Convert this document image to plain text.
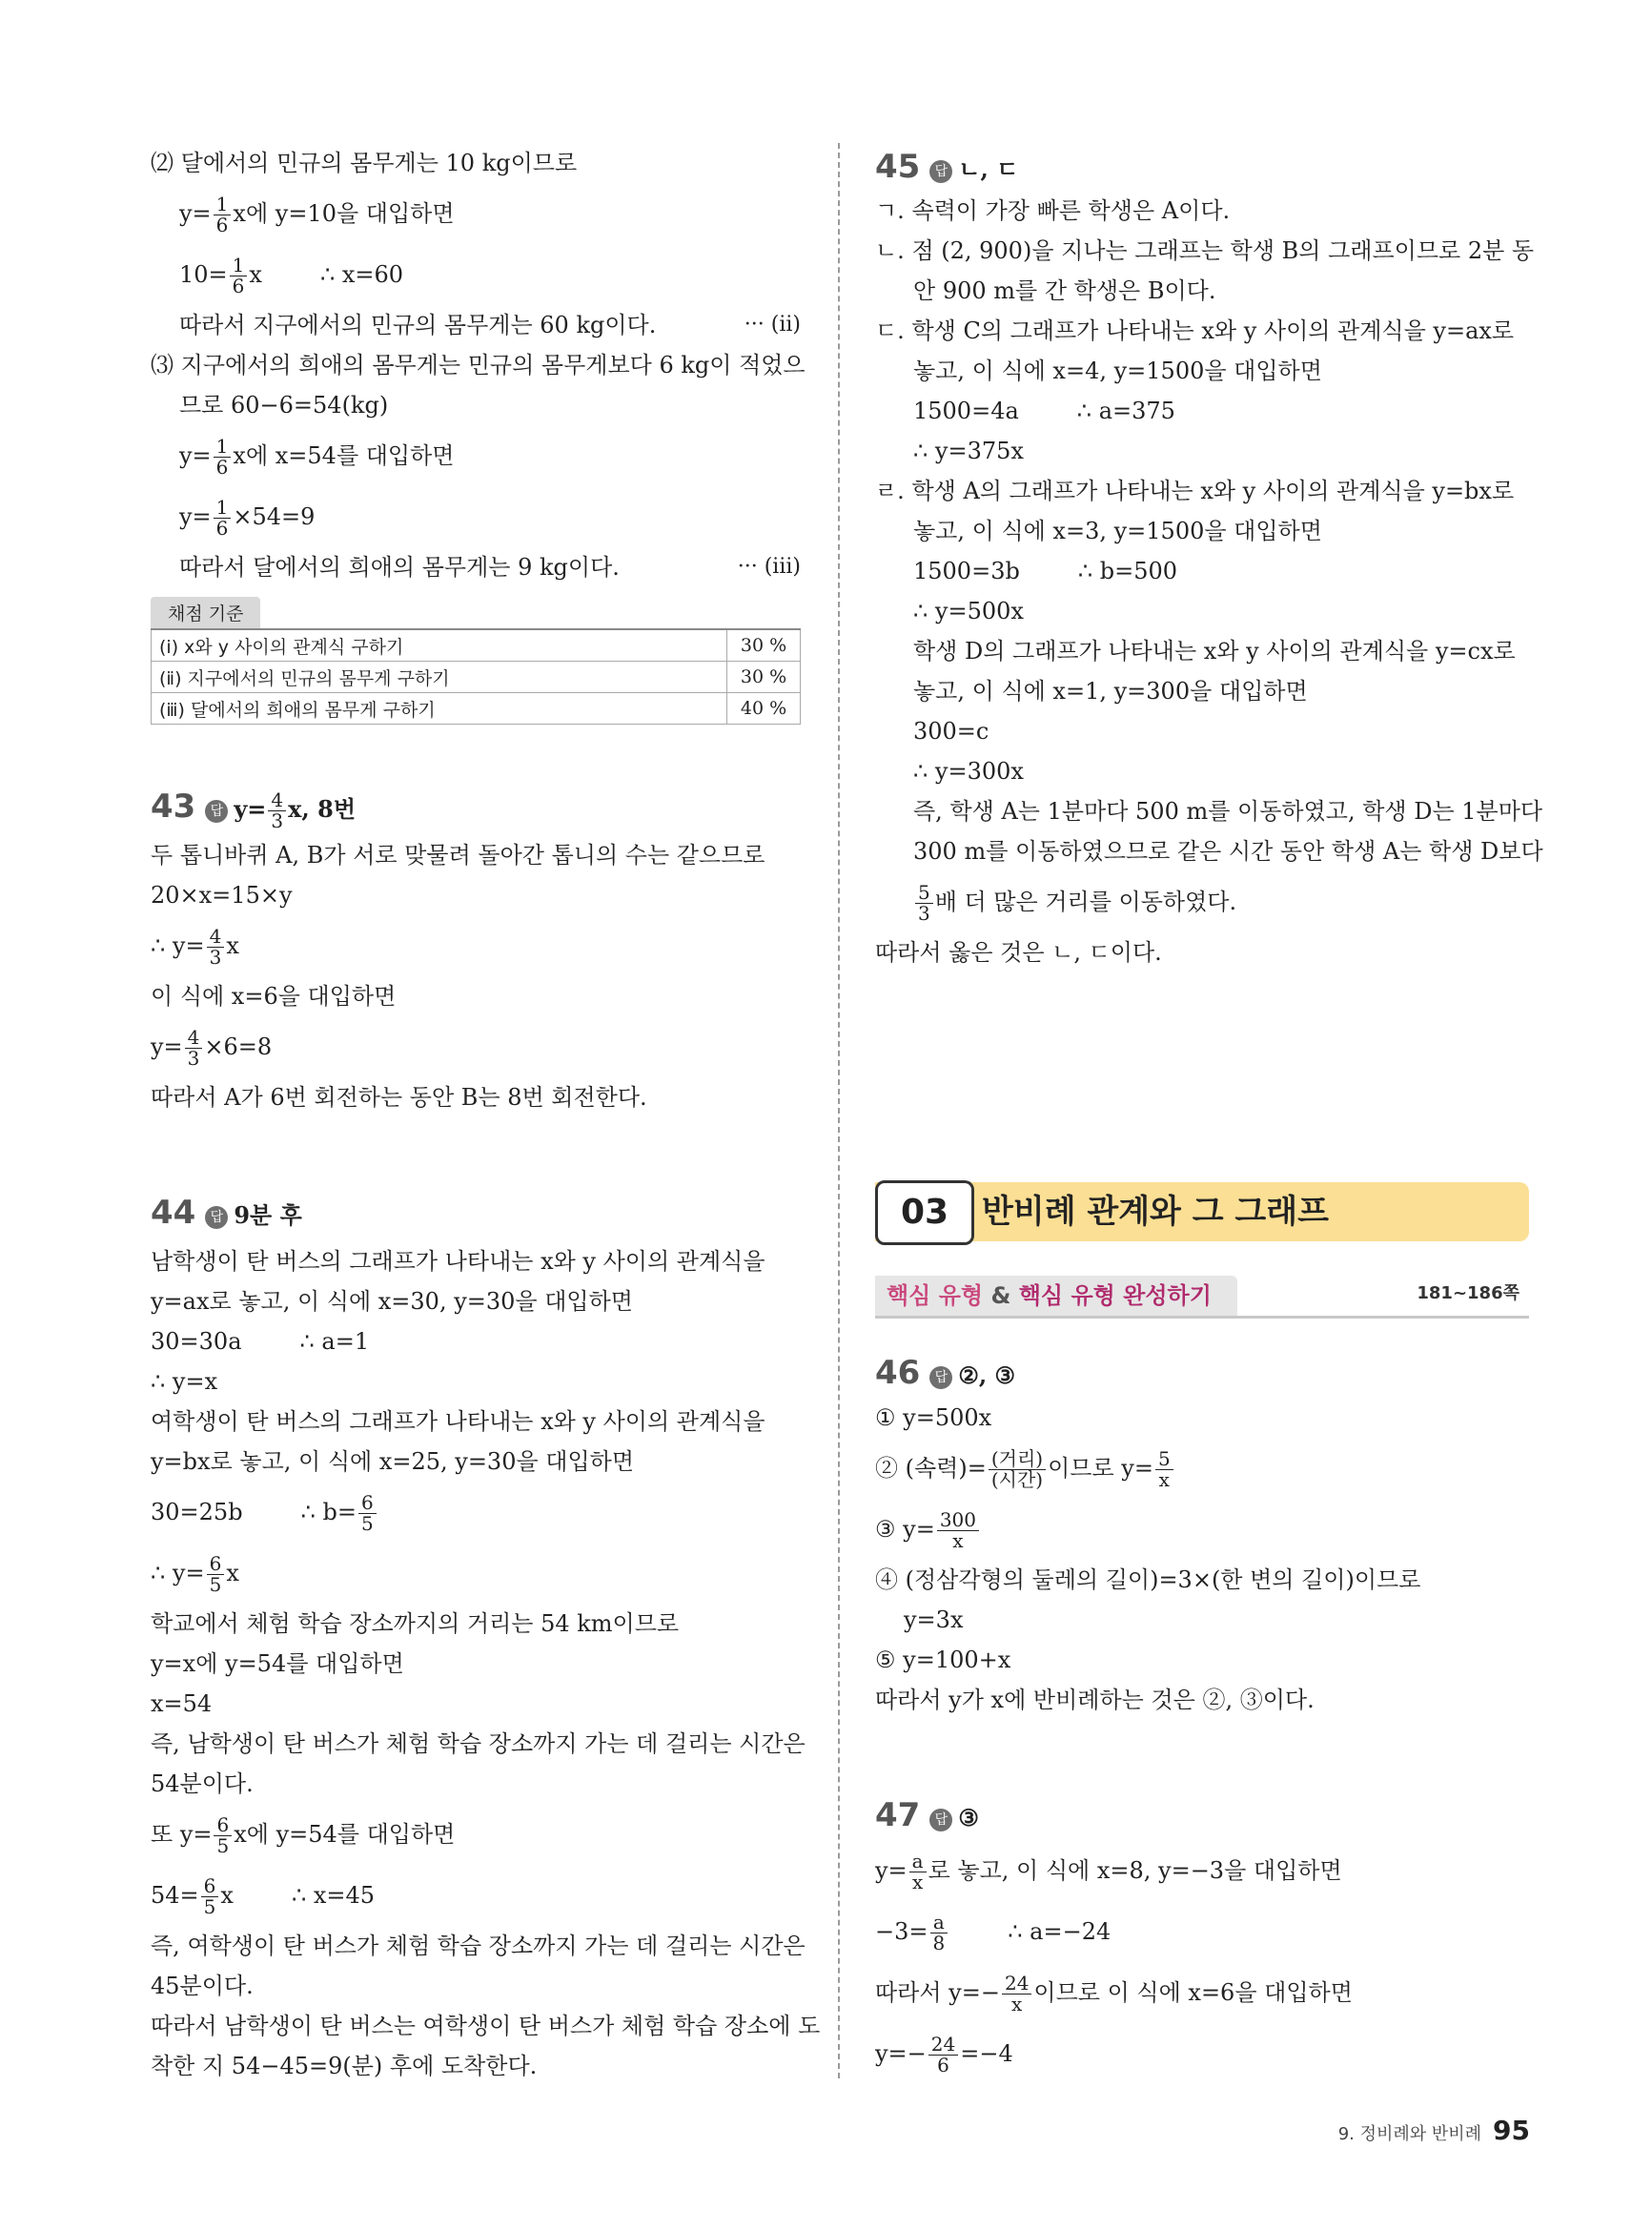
⑵ 달에서의 민규의 몸무게는 10 kg이므로
$y= \frac{1}{6}$ x에 y=10을 대입하면
$10= \frac{1}{6}$ x        ∴ x=60
따라서 지구에서의 민규의 몸무게는 60 kg이다.	··· (ii)
⑶ 지구에서의 희애의 몸무게는 민규의 몸무게보다 6 kg이 적었으
므로 60−6=54(kg)
$y= \frac{1}{6}$ x에 x=54를 대입하면
$y= \frac{1}{6} \times 54=9$
따라서 달에서의 희애의 몸무게는 9 kg이다.	··· (iii)
채점 기준
(ⅰ) x와 y 사이의 관계식 구하기	30 %
(ⅱ) 지구에서의 민규의 몸무게 구하기	30 %
(ⅲ) 달에서의 희애의 몸무게 구하기	40 %
43 답 $y= \frac{4}{3} x$, 8번
두 톱니바퀴 A, B가 서로 맞물려 돌아간 톱니의 수는 같으므로
20×x=15×y
∴ $y= \frac{4}{3}$ x
이 식에 x=6을 대입하면
$y= \frac{4}{3} \times 6=8$
따라서 A가 6번 회전하는 동안 B는 8번 회전한다.
44 답 9분 후
남학생이 탄 버스의 그래프가 나타내는 x와 y 사이의 관계식을
y=ax로 놓고, 이 식에 x=30, y=30을 대입하면
30=30a        ∴ a=1
∴ y=x
여학생이 탄 버스의 그래프가 나타내는 x와 y 사이의 관계식을
y=bx로 놓고, 이 식에 x=25, y=30을 대입하면
30=25b        ∴ $b= \frac{6}{5}$
∴ $y= \frac{6}{5}$ x
학교에서 체험 학습 장소까지의 거리는 54 km이므로
y=x에 y=54를 대입하면
x=54
즉, 남학생이 탄 버스가 체험 학습 장소까지 가는 데 걸리는 시간은
54분이다.
또 $y= \frac{6}{5}$ x에 y=54를 대입하면
$54= \frac{6}{5}$ x        ∴ x=45
즉, 여학생이 탄 버스가 체험 학습 장소까지 가는 데 걸리는 시간은
45분이다.
따라서 남학생이 탄 버스는 여학생이 탄 버스가 체험 학습 장소에 도
착한 지 54−45=9(분) 후에 도착한다.
45 답 ㄴ, ㄷ
ㄱ. 속력이 가장 빠른 학생은 A이다.
ㄴ. 점 (2, 900)을 지나는 그래프는 학생 B의 그래프이므로 2분 동
안 900 m를 간 학생은 B이다.
ㄷ. 학생 C의 그래프가 나타내는 x와 y 사이의 관계식을 y=ax로
놓고, 이 식에 x=4, y=1500을 대입하면
1500=4a        ∴ a=375
∴ y=375x
ㄹ. 학생 A의 그래프가 나타내는 x와 y 사이의 관계식을 y=bx로
놓고, 이 식에 x=3, y=1500을 대입하면
1500=3b        ∴ b=500
∴ y=500x
학생 D의 그래프가 나타내는 x와 y 사이의 관계식을 y=cx로
놓고, 이 식에 x=1, y=300을 대입하면
300=c
∴ y=300x
즉, 학생 A는 1분마다 500 m를 이동하였고, 학생 D는 1분마다
300 m를 이동하였으므로 같은 시간 동안 학생 A는 학생 D보다
$\frac{5}{3}$ 배 더 많은 거리를 이동하였다.
따라서 옳은 것은 ㄴ, ㄷ이다.
03	반비례 관계와 그 그래프
핵심 유형 & 핵심 유형 완성하기	181~186쪽
46 답 ②, ③
① y=500x
② (속력)= $\frac{\text{(거리)}}{\text{(시간)}}$ 이므로 $y= \frac{5}{x}$
③ $y= \frac{300}{x}$
④ (정삼각형의 둘레의 길이)=3×(한 변의 길이)이므로
y=3x
⑤ y=100+x
따라서 y가 x에 반비례하는 것은 ②, ③이다.
47 답 ③
$y= \frac{a}{x}$ 로 놓고, 이 식에 x=8, y=−3을 대입하면
$-3= \frac{a}{8}$ ∴ a=−24
따라서 $y=- \frac{24}{x}$ 이므로 이 식에 x=6을 대입하면
$y=- \frac{24}{6} =-4$
9. 정비례와 반비례 95
